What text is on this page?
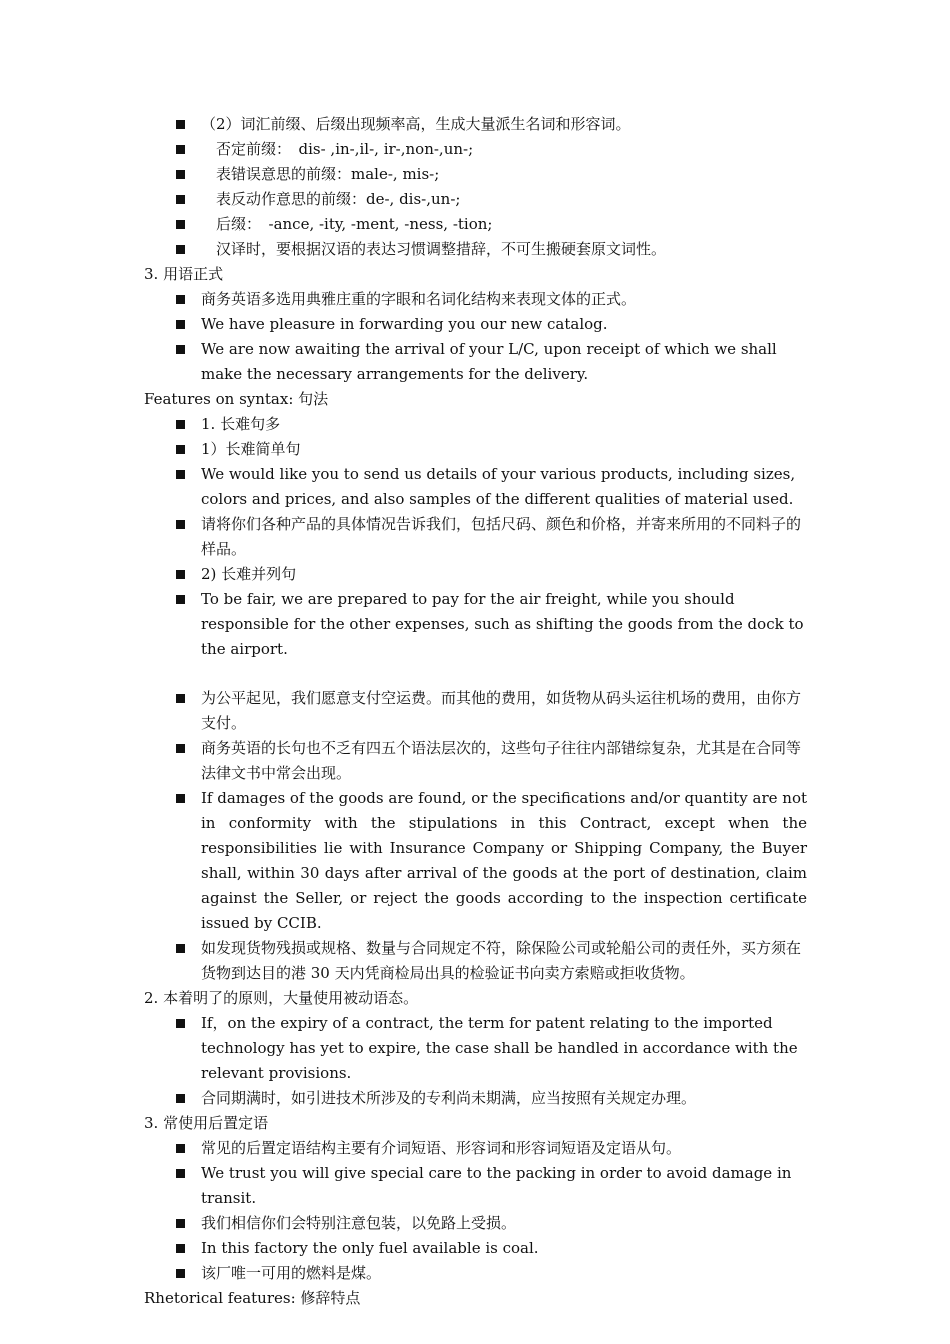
（2）词汇前缀、后缀出现频率高，生成大量派生名词和形容词。
　否定前缀：　dis- ,in-,il-, ir-,non-,un-;
　表错误意思的前缀：male-, mis-;
　表反动作意思的前缀：de-, dis-,un-;
　后缀：　-ance, -ity, -ment, -ness, -tion;
　汉译时，要根据汉语的表达习惯调整措辞，不可生搬硬套原文词性。
3. 用语正式
商务英语多选用典雅庄重的字眼和名词化结构来表现文体的正式。
We have pleasure in forwarding you our new catalog.
We are now awaiting the arrival of your L/C, upon receipt of which we shall make the necessary arrangements for the delivery.
Features on syntax: 句法
1. 长难句多
1）长难简单句
We would like you to send us details of your various products, including sizes, colors and prices, and also samples of the different qualities of material used.
请将你们各种产品的具体情况告诉我们，包括尺码、颜色和价格，并寄来所用的不同料子的样品。
2) 长难并列句
To be fair, we are prepared to pay for the air freight, while you should responsible for the other expenses, such as shifting the goods from the dock to the airport.
为公平起见，我们愿意支付空运费。而其他的费用，如货物从码头运往机场的费用，由你方支付。
商务英语的长句也不乏有四五个语法层次的，这些句子往往内部错综复杂，尤其是在合同等法律文书中常会出现。
If damages of the goods are found, or the specifications and/or quantity are not in conformity with the stipulations in this Contract, except when the responsibilities lie with Insurance Company or Shipping Company, the Buyer shall, within 30 days after arrival of the goods at the port of destination, claim against the Seller, or reject the goods according to the inspection certificate issued by CCIB.
如发现货物残损或规格、数量与合同规定不符，除保险公司或轮船公司的责任外，买方须在货物到达目的港 30 天内凭商检局出具的检验证书向卖方索赔或拒收货物。
2. 本着明了的原则，大量使用被动语态。
If，on the expiry of a contract, the term for patent relating to the imported technology has yet to expire, the case shall be handled in accordance with the relevant provisions.
合同期满时，如引进技术所涉及的专利尚未期满，应当按照有关规定办理。
3. 常使用后置定语
常见的后置定语结构主要有介词短语、形容词和形容词短语及定语从句。
We trust you will give special care to the packing in order to avoid damage in transit.
我们相信你们会特别注意包装，以免路上受损。
In this factory the only fuel available is coal.
该厂唯一可用的燃料是煤。
Rhetorical features: 修辞特点
